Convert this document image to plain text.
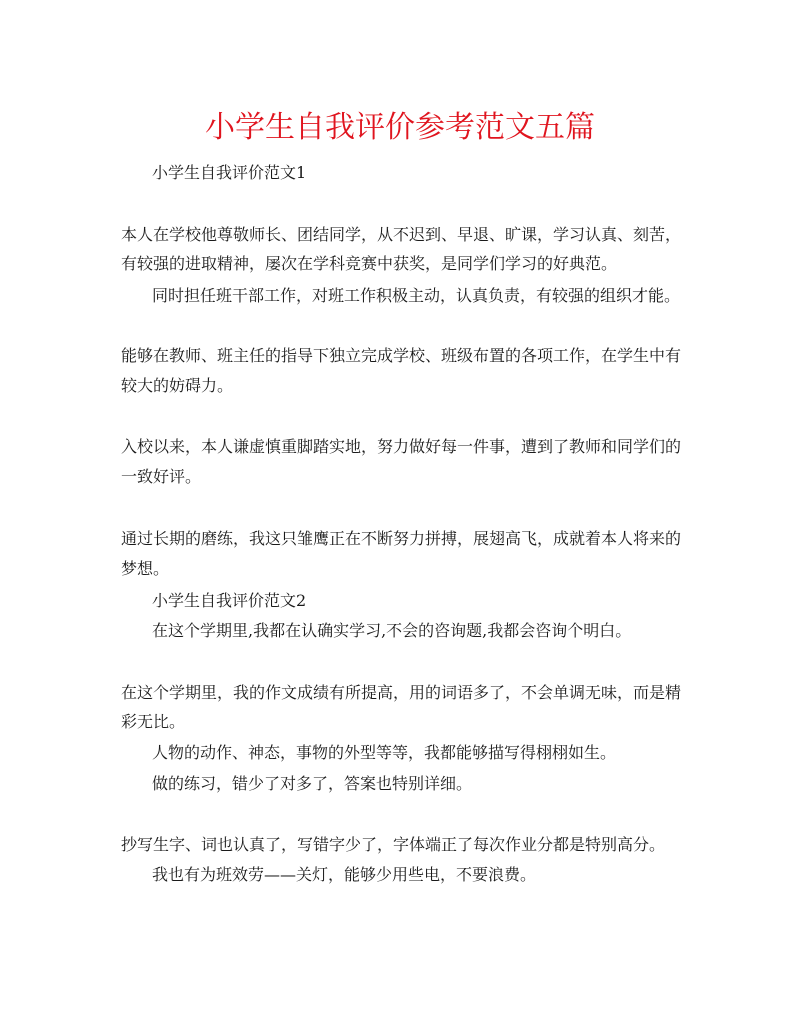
小学生自我评价参考范文五篇
小学生自我评价范文1
本人在学校他尊敬师长、团结同学，从不迟到、早退、旷课，学习认真、刻苦，
有较强的进取精神，屡次在学科竞赛中获奖，是同学们学习的好典范。
同时担任班干部工作，对班工作积极主动，认真负责，有较强的组织才能。
能够在教师、班主任的指导下独立完成学校、班级布置的各项工作，在学生中有
较大的妨碍力。
入校以来，本人谦虚慎重脚踏实地，努力做好每一件事，遭到了教师和同学们的
一致好评。
通过长期的磨练，我这只雏鹰正在不断努力拼搏，展翅高飞，成就着本人将来的
梦想。
小学生自我评价范文2
在这个学期里,我都在认确实学习,不会的咨询题,我都会咨询个明白。
在这个学期里，我的作文成绩有所提高，用的词语多了，不会单调无味，而是精
彩无比。
人物的动作、神态，事物的外型等等，我都能够描写得栩栩如生。
做的练习，错少了对多了，答案也特别详细。
抄写生字、词也认真了，写错字少了，字体端正了每次作业分都是特别高分。
我也有为班效劳——关灯，能够少用些电，不要浪费。
